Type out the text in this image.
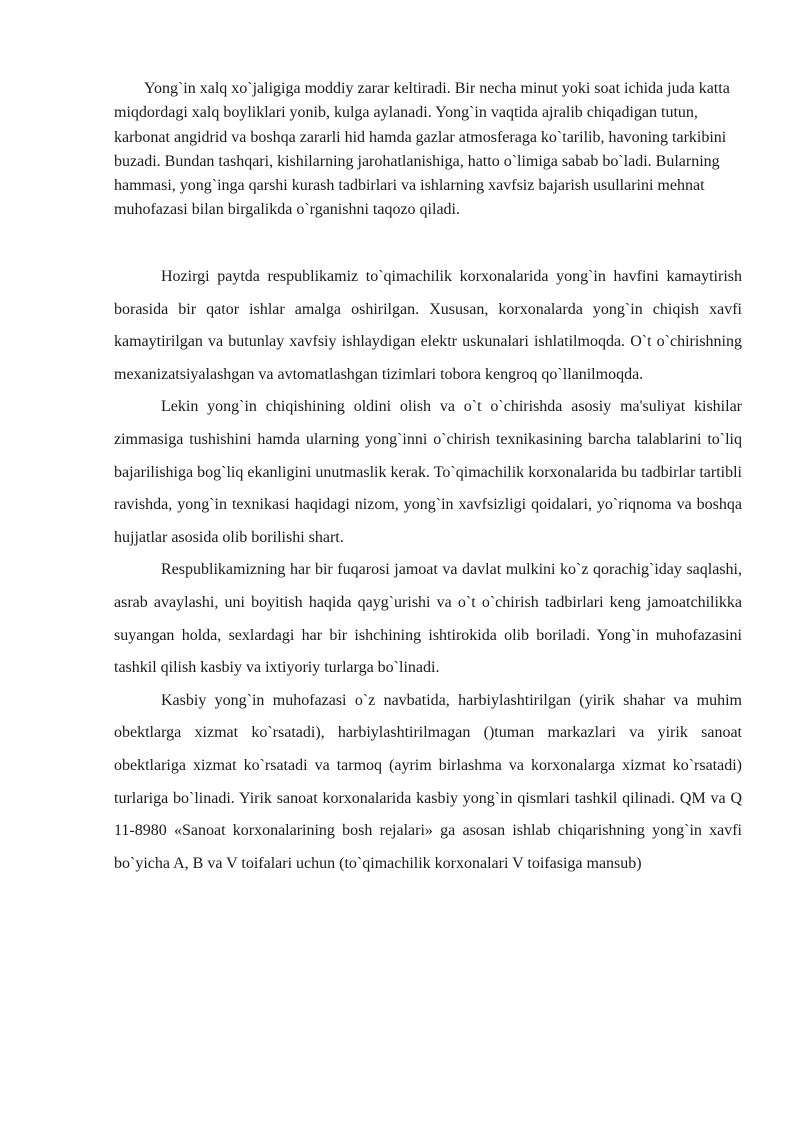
Yong`in xalq xo`jaligiga moddiy zarar keltiradi. Bir necha minut yoki soat ichida juda katta miqdordagi xalq boyliklari yonib, kulga aylanadi. Yong`in vaqtida ajralib chiqadigan tutun, karbonat angidrid va boshqa zararli hid hamda gazlar atmosferaga ko`tarilib, havoning tarkibini buzadi. Bundan tashqari, kishilarning jarohatlanishiga, hatto o`limiga sabab bo`ladi. Bularning hammasi, yong`inga qarshi kurash tadbirlari va ishlarning xavfsiz bajarish usullarini mehnat muhofazasi bilan birgalikda o`rganishni taqozo qiladi.

Hozirgi paytda respublikamiz to`qimachilik korxonalarida yong`in havfini kamaytirish borasida bir qator ishlar amalga oshirilgan. Xususan, korxonalarda yong`in chiqish xavfi kamaytirilgan va butunlay xavfsiy ishlaydigan elektr uskunalari ishlatilmoqda. O`t o`chirishning mexanizatsiyalashgan va avtomatlashgan tizimlari tobora kengroq qo`llanilmoqda.

Lekin yong`in chiqishining oldini olish va o`t o`chirishda asosiy ma'suliyat kishilar zimmasiga tushishini hamda ularning yong`inni o`chirish texnikasining barcha talablarini to`liq bajarilishiga bog`liq ekanligini unutmaslik kerak. To`qimachilik korxonalarida bu tadbirlar tartibli ravishda, yong`in texnikasi haqidagi nizom, yong`in xavfsizligi qoidalari, yo`riqnoma va boshqa hujjatlar asosida olib borilishi shart.

Respublikamizning har bir fuqarosi jamoat va davlat mulkini ko`z qorachig`iday saqlashi, asrab avaylashi, uni boyitish haqida qayg`urishi va o`t o`chirish tadbirlari keng jamoatchilikka suyangan holda, sexlardagi har bir ishchining ishtirokida olib boriladi. Yong`in muhofazasini tashkil qilish kasbiy va ixtiyoriy turlarga bo`linadi.

Kasbiy yong`in muhofazasi o`z navbatida, harbiylashtirilgan (yirik shahar va muhim obektlarga xizmat ko`rsatadi), harbiylashtirilmagan ()tuman markazlari va yirik sanoat obektlariga xizmat ko`rsatadi va tarmoq (ayrim birlashma va korxonalarga xizmat ko`rsatadi) turlariga bo`linadi. Yirik sanoat korxonalarida kasbiy yong`in qismlari tashkil qilinadi. QM va Q 11-8980 «Sanoat korxonalarining bosh rejalari» ga asosan ishlab chiqarishning yong`in xavfi bo`yicha A, B va V toifalari uchun (to`qimachilik korxonalari V toifasiga mansub)
